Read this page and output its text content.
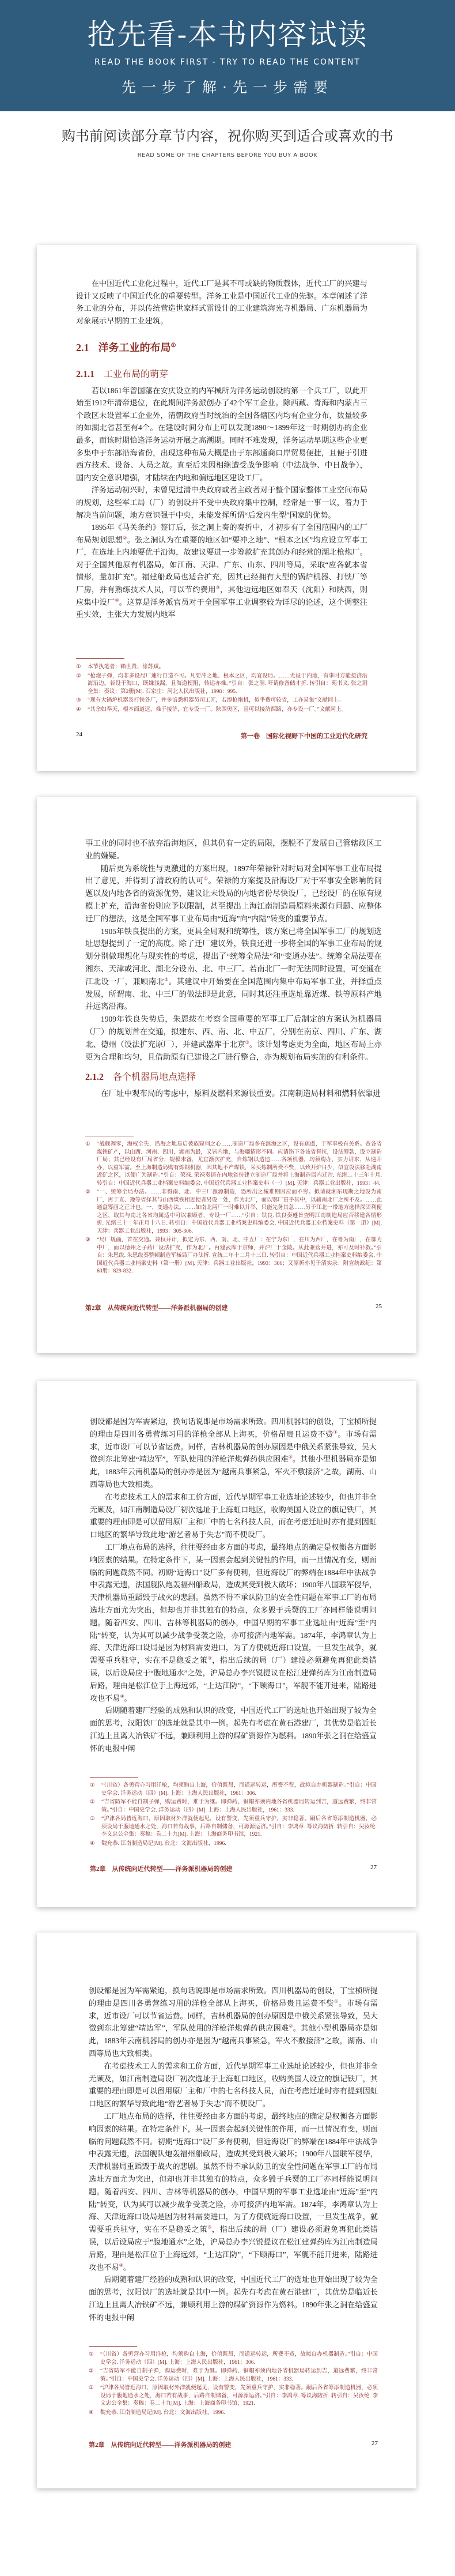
抢先看-本书内容试读
READ THE BOOK FIRST - TRY TO READ THE CONTENT
先一步了解·先一步需要
购书前阅读部分章节内容，祝你购买到适合或喜欢的书
READ SOME OF THE CHAPTERS BEFORE YOU BUY A BOOK

在中国近代工业化过程中，近代工厂是其不可或缺的物质载体，近代工厂的兴建与设计又反映了中国近代化的重要转型。洋务工业是中国近代工业的先驱。本章阐述了洋务工业的分布，并以传统营造世家样式雷设计的工业建筑海光寺机器局、广东机器局为对象展示早期的工业建筑。

2.1 洋务工业的布局①
2.1.1 工业布局的萌芽

若以1861年曾国藩在安庆设立的内军械所为洋务运动创设的第一个兵工厂，以此开始至1912年清帝退位，在此期间洋务派创办了42个军工企业。除西藏、青海和内蒙古三个政区未设置军工企业外，清朝政府当时统治的全国各辖区内均有企业分布，数量较多的如湖北省甚至有4个。在建设时间分布上可以发现1890～1899年这一时期创办的企业最多，而该时期恰逢洋务运动开展之高潮期。同时不难发现，洋务运动早期这些企业更多集中于东部沿海省份，出现这种布局大概是由于东部通商口岸贸易便捷，且便于引进西方技术、设备、人员之故。直至后来因相继遭受战争影响（中法战争、中日战争），国内安全意识增强，才陆续在内地和偏远地区建设工厂。

洋务运动初兴时，未曾见过清中央政府或者主政者对于整个国家整体工业空间布局的规划，这些军工局（厂）的创设并不受中央政府集中控制，经常是一事一议，着力于解决当前问题，地方意识强于中央，未能发挥所谓“后发内生型”国家的优势。

1895年《马关条约》签订后，张之洞上奏的奏折中，才初步有了全国范围内的工厂布局规划思想②。张之洞认为在重要的地区如“要冲之地”、“根本之区”均应设立军事工厂，在选址上内地要优于沿海，故建议要进一步筹款扩充其创办和经营的湖北枪炮厂。对于全国其他原有机器局，如江南、天津、广东、山东、四川等局，采取“应各就本省情形，量加扩充”。福建船政局也适合扩充，因其已经拥有大型的锅炉机器、打铁厂等厂房，并有熟练技术人员，可以节约费用③，其他边远地区如奉天（沈阳）和陕西，则应集中设厂④。这算是洋务派官员对于全国军事工业调整较为详尽的论述，这个调整注重实效，主张大力发展内地军

①	本节执笔者：赖世贤、徐苏斌。
②	“枪炮子弹，均非多设局厂速行自造不可。凡要冲之地、根本之区，均宜设局。……尤设于内地，有事时方能接济沿海沿边。若设于海口，既嫌浅漏，且海道梗阻，转运亦难。”引自：张之洞. 吁请修备储才折. 转引自：苑书义. 张之洞全集：奏议：第2册[M]. 石家庄：河北人民出版社，1998：995.
③	“现有大锅炉机器及打铁各厂，并多谙悉机器员司工匠，若添枪炮机，似乎费可较省，工亦易集”文献同上。
④	“其余如奉天，根本而道远，难于接济，宜专设一厂。陕西奥区，且可以接济西路，亦专设一厂。”文献同上。
24	第一卷　国际化视野下中国的工业近代化研究

事工业的同时也不放弃沿海地区，但其仍有一定的局限，摆脱不了发展自己管辖政区工业的嫌疑。

随后更为系统性与更激进的方案出现，1897年荣禄针对时局对全国军事工业布局提出了意见，并得到了清政府的认可①。荣禄的方案提及沿海设厂对于军事安全影响的问题以及内地各省的资源优势，建议让未设局的内地省份尽快设厂，已经设厂的在原有规模上扩充，沿海省份则应予以限制，甚至提出上海江南制造局原料来源有问题、应整体迁厂的想法，这是全国军事工业布局由“近海”向“内陆”转变的重要节点。

1905年铁良提出的方案，更具全局观和统筹性，该方案已将全国军事工厂的规划选址思想提到了一定的高度。除了迁厂建议外，铁良还进一步将全国的军事工业布局的规划分别做理想化与现实性的考虑，提出了“统筹全局法”和“变通办法”。统筹全局法要在湘东、天津或河北、湖北分设南、北、中三厂。若南北厂一时无法同时设置，可变通在江北设一厂，兼顾南北②。其建议中开始要在全国范围内集中布局军事工业，并择重点发展，所谓南、北、中三厂的做法即是此意，同时其还注重选址靠近煤、铁等原料产地并远离沿海。

1909年铁良失势后，朱恩绂在考察全国重要的军事工厂后制定的方案认为机器局（厂）的规划首在交通，拟建东、西、南、北、中五厂，分别在南京、四川、广东、湖北、德州（设法扩充原厂），并建武器库于北京③。该计划考虑更为全面，地区布局上亦更为合理和均匀，且借助原有已建设之厂进行整合，亦为规划布局实施的有利条件。

2.1.2 各个机器局地点选择

在厂址中观布局的考虑中，原料及燃料来源很重要。江南制造局材料和燃料依靠进

①	“战舰凋零，海权全失，沿海之地易启彼族窥伺之心……制造厂局多在滨海之区，设有疏虞，于军事极有关系。查各省煤铁矿产，以山西、河南、四川、湖南为最，又皆内地，与海疆情形不同。应请饬下各该省督抚，设法筹款，设立制造厂局；其已经设有厂局省分，规模未备，尤宜渐次扩充，自炼钢以造造……各项机器，均须购办，实力讲求，从速开办，以重军需。至上海制造局购有炼钢机器，因其地不产煤铁，采买炼制所费不赀，以致开炉日少，似宜设法移赴湖南近矿之区，以便广为制造。”引自：荣禄. 荣禄奏请在内地省份建立制造厂局并将上海制造局内迁片. 光绪二十三年十月. 转引自：中国近代兵器工业档案史料编委会. 中国近代兵器工业档案史料（一）[M]. 天津：兵器工业出版社，1993：44.
②	“一、统筹全局办法。……非得南、北、中三厂源源制造，恐所出之械难期因应而不穷。拟请就湘东现勘之地设为南厂，再于直、豫等省择其与山西煤铁相近便者另设一处，作为北厂，而以鄂厂贯乎其中，以辅南北厂之所不及。……此通盘筹画之正计也。一、变通办法。……如南北两厂一时难以并举，只能先务其急……另于江北一带地方选择深固利便之区，取其与南北各省均属适中可以兼顾者，专设一厂……”引自：铁良. 铁良奏遵旨查明江南制造局应否移建各情形折. 光绪三十一年正月十八日. 转引自：中国近代兵器工业档案史料编委会. 中国近代兵器工业档案史料（第一册）[M]. 天津：兵器工业出版社，1993：305-306.
③	“局厂规画，首在交通。兼权并计，拟定为东、西、南、北、中五厂：在宁为东厂，在川为西厂，在粤为南厂，在鄂为中厂，而以德州之子药厂设法扩充，作为北厂。再建武库于京师，并沪厂于金陵。从此兼营并进，亦可及时补救。”引自：朱恩绂. 朱恩绂奏整顿制造军械局厂办法折. 宣统二年十二月十三日. 转引自：中国近代兵器工业档案史料编委会. 中国近代兵器工业档案史料（第一册）[M]. 天津：兵器工业出版社，1993：306；又原折亦见于清实录：附宣统政纪：第60册：829-832.
第2章　从传统向近代转型——洋务派机器局的创建	25

创设都是因为军需紧迫，换句话说即是市场需求所致。四川机器局的创设，丁宝桢所提的理由是四川各勇营练习用的洋枪全部从上海买，价格昂贵且运费不赀①。市场有需求，近市设厂可以节省运费。同样，吉林机器局的创办原因是中俄关系紧张导致，吴大徵到东北筹建“靖边军”，军队使用的洋枪洋炮弹药供应困难②。其他小型机器局亦是如此，1883年云南机器局的创办亦是因为“越南兵事紧急，军火不敷接济”之故，湖南、山西等局也大致相类。

在考虑技术工人的需求和工价方面，近代早期军事工业选址论述较少，但也并非全无顾及，如江南制造局设厂初次选址于上海虹口地区，收购美国人设立的旗记铁厂，其重要的理由即是可以留用原厂主和厂中的七名科技人员，而在考虑迁址时亦有提到因虹口地区的繁华导致此地“游艺者易于失志”而不便设厂。

工厂地点布局的选择，往往要经由多方面的考虑，最终地点的确定是权衡各方面影响因素的结果。在特定条件下，某一因素会起到关键性的作用，而一旦情况有变，则面临的问题截然不同。初期“近海口”设厂多有便利，但近海设厂的弊端在1884年中法战争中表露无遗，法国舰队炮轰福州船政局，造成其受到极大破坏；1900年八国联军侵华，天津机器局重蹈毁于战火的悲剧。虽然不得不承认防卫的安全性问题在军事工厂的布局选址方面尤为突出，但却也并非其独有的特点，众多毁于兵燹的工厂亦同样能说明问题。随着西安、四川、吉林等机器局的创办，中国早期的军事工业选址由“近海”至“内陆”转变，认为其可以减少战争受袭之险，亦可接济内地军需。1874年，李鸿章认为上海、天津近海口设局是因为材料需要进口，为了方便就近海口设置，一旦发生战争，就需要重兵驻守，实在不是稳妥之策③，指出后续的局（厂）建设必须避免再犯此类错误，以后设局应于“腹地通水”之处，沪局总办李兴锐提议在松江建弹药库为江南制造局后路，理由是松江位于上海远郊，“上达江防”，“下顾海口”，军舰不能开进来，陆路进攻也不易④。

后期随着建厂经验的成熟和认识的改变，中国近代工厂的选址也开始出现了较为全面的思考，汉阳铁厂的选址就是其中一例。起先有考虑在黄石港建厂，其优势是临近长江边上且离大冶铁矿不远，兼顾利用上游的煤矿资源作为燃料。1890年张之洞在给盛宣怀的电报中阐

①	“（川省）各勇营亦习用洋枪，均须购自上海，价值既昂，而道远转运，所费不赀，故拟自办机器制造。”引自：中国史学会. 洋务运动（四）[M]. 上海：上海人民出版社，1961：306.
②	“吉省防军不能自制子弹，购运费时，难于为继。即弹药、铜帽亦须内地各省机器局转运到吉，道远费繁，终非常策。”引自：中国史学会. 洋务运动（四）[M]. 上海：上海人民出版社，1961：333.
③	“沪津各局皆近海口，原因取材外洋就便起见，设有警变，先须重兵守护，实非稳著。嗣后各省筹添制造机器，必须设局于腹地通水之处，海口若有战事，后路自制储备，可源源运济。”引自：李鸿章. 筹议海防折. 转引自：吴汝纶. 李文忠公全集：奏稿：卷二十九[M]. 上海：上海商务印书馆，1921.
④	魏允恭. 江南制造局记[M]. 台北：文海出版社，1996.
第2章　从传统向近代转型——洋务派机器局的创建	27

创设都是因为军需紧迫，换句话说即是市场需求所致。四川机器局的创设，丁宝桢所提的理由是四川各勇营练习用的洋枪全部从上海买，价格昂贵且运费不赀①。市场有需求，近市设厂可以节省运费。同样，吉林机器局的创办原因是中俄关系紧张导致，吴大徵到东北筹建“靖边军”，军队使用的洋枪洋炮弹药供应困难②。其他小型机器局亦是如此，1883年云南机器局的创办亦是因为“越南兵事紧急，军火不敷接济”之故，湖南、山西等局也大致相类。

在考虑技术工人的需求和工价方面，近代早期军事工业选址论述较少，但也并非全无顾及，如江南制造局设厂初次选址于上海虹口地区，收购美国人设立的旗记铁厂，其重要的理由即是可以留用原厂主和厂中的七名科技人员，而在考虑迁址时亦有提到因虹口地区的繁华导致此地“游艺者易于失志”而不便设厂。

工厂地点布局的选择，往往要经由多方面的考虑，最终地点的确定是权衡各方面影响因素的结果。在特定条件下，某一因素会起到关键性的作用，而一旦情况有变，则面临的问题截然不同。初期“近海口”设厂多有便利，但近海设厂的弊端在1884年中法战争中表露无遗，法国舰队炮轰福州船政局，造成其受到极大破坏；1900年八国联军侵华，天津机器局重蹈毁于战火的悲剧。虽然不得不承认防卫的安全性问题在军事工厂的布局选址方面尤为突出，但却也并非其独有的特点，众多毁于兵燹的工厂亦同样能说明问题。随着西安、四川、吉林等机器局的创办，中国早期的军事工业选址由“近海”至“内陆”转变，认为其可以减少战争受袭之险，亦可接济内地军需。1874年，李鸿章认为上海、天津近海口设局是因为材料需要进口，为了方便就近海口设置，一旦发生战争，就需要重兵驻守，实在不是稳妥之策③，指出后续的局（厂）建设必须避免再犯此类错误，以后设局应于“腹地通水”之处，沪局总办李兴锐提议在松江建弹药库为江南制造局后路，理由是松江位于上海远郊，“上达江防”，“下顾海口”，军舰不能开进来，陆路进攻也不易④。

后期随着建厂经验的成熟和认识的改变，中国近代工厂的选址也开始出现了较为全面的思考，汉阳铁厂的选址就是其中一例。起先有考虑在黄石港建厂，其优势是临近长江边上且离大冶铁矿不远，兼顾利用上游的煤矿资源作为燃料。1890年张之洞在给盛宣怀的电报中阐

①	“（川省）各勇营亦习用洋枪，均须购自上海，价值既昂，而道远转运，所费不赀，故拟自办机器制造。”引自：中国史学会. 洋务运动（四）[M]. 上海：上海人民出版社，1961：306.
②	“吉省防军不能自制子弹，购运费时，难于为继。即弹药、铜帽亦须内地各省机器局转运到吉，道远费繁，终非常策。”引自：中国史学会. 洋务运动（四）[M]. 上海：上海人民出版社，1961：333.
③	“沪津各局皆近海口，原因取材外洋就便起见，设有警变，先须重兵守护，实非稳著。嗣后各省筹添制造机器，必须设局于腹地通水之处，海口若有战事，后路自制储备，可源源运济。”引自：李鸿章. 筹议海防折. 转引自：吴汝纶. 李文忠公全集：奏稿：卷二十九[M]. 上海：上海商务印书馆，1921.
④	魏允恭. 江南制造局记[M]. 台北：文海出版社，1996.
第2章　从传统向近代转型——洋务派机器局的创建	27
